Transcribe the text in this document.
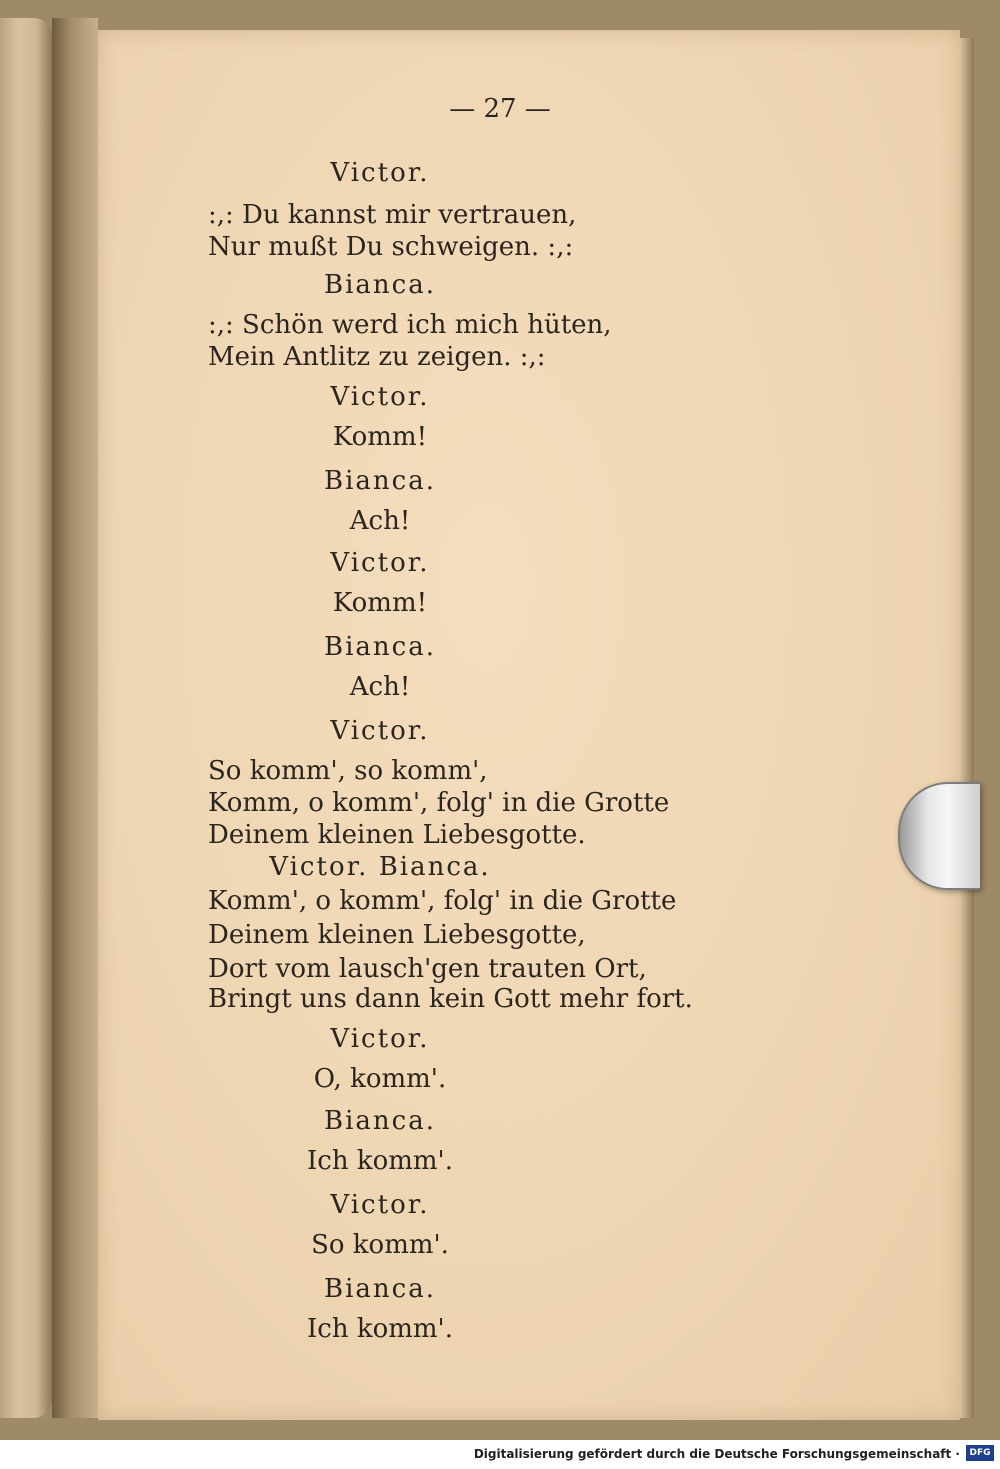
— 27 —

Victor.

:,: Du kannst mir vertrauen,

Nur mußt Du schweigen. :,:

Bianca.

:,: Schön werd ich mich hüten,

Mein Antlitz zu zeigen. :,:

Victor.

Komm!

Bianca.

Ach!

Victor.

Komm!

Bianca.

Ach!

Victor.

So komm', so komm',

Komm, o komm', folg' in die Grotte

Deinem kleinen Liebesgotte.

Victor. Bianca.

Komm', o komm', folg' in die Grotte

Deinem kleinen Liebesgotte,

Dort vom lausch'gen trauten Ort,

Bringt uns dann kein Gott mehr fort.

Victor.

O, komm'.

Bianca.

Ich komm'.

Victor.

So komm'.

Bianca.

Ich komm'.

Digitalisierung gefördert durch die Deutsche Forschungsgemeinschaft ·	DFG
